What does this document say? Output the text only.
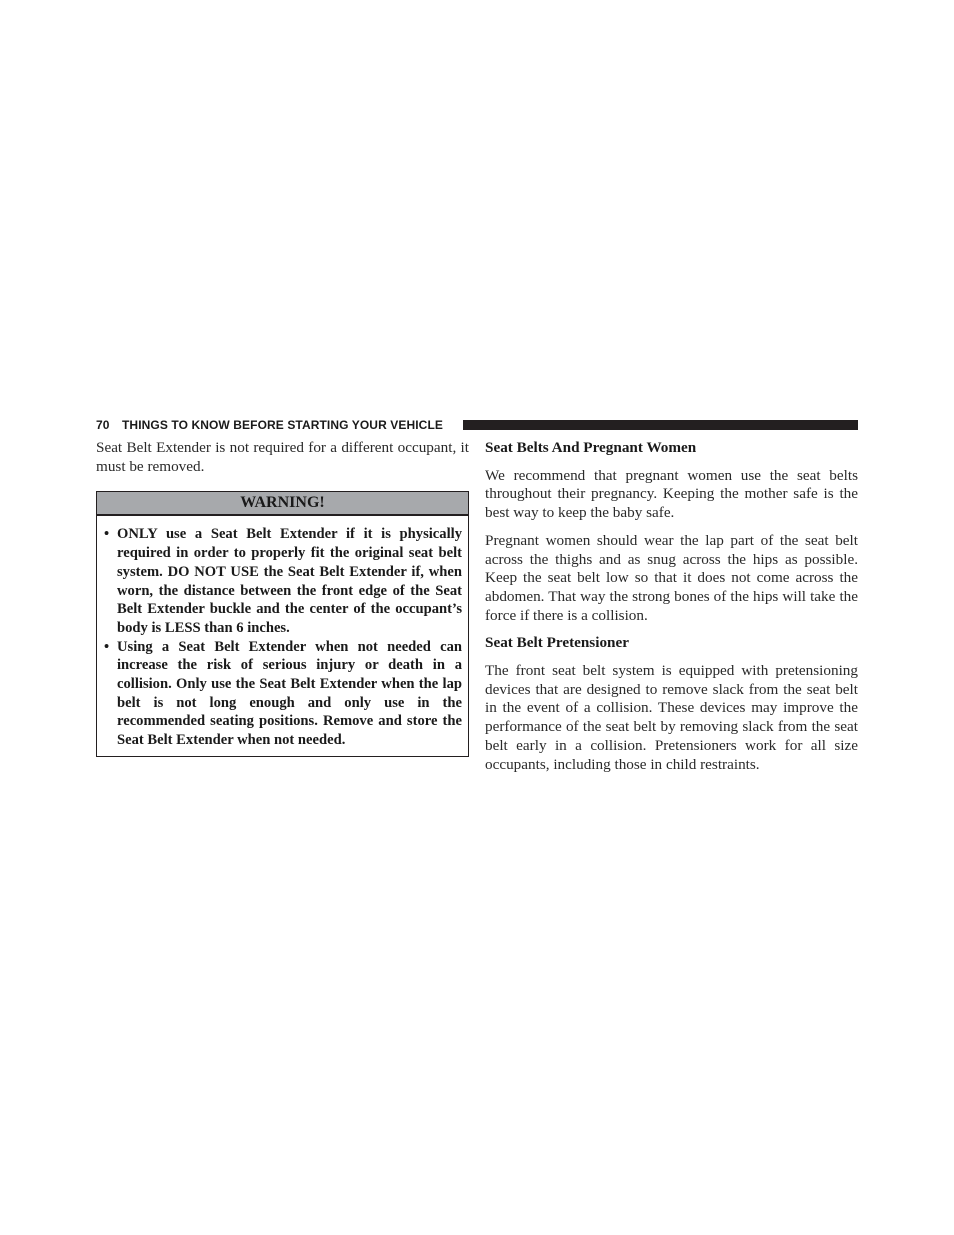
70 THINGS TO KNOW BEFORE STARTING YOUR VEHICLE

Seat Belt Extender is not required for a different occupant, it must be removed.

WARNING!
• ONLY use a Seat Belt Extender if it is physically required in order to properly fit the original seat belt system. DO NOT USE the Seat Belt Extender if, when worn, the distance between the front edge of the Seat Belt Extender buckle and the center of the occupant’s body is LESS than 6 inches.
• Using a Seat Belt Extender when not needed can increase the risk of serious injury or death in a collision. Only use the Seat Belt Extender when the lap belt is not long enough and only use in the recommended seating positions. Remove and store the Seat Belt Extender when not needed.
Seat Belts And Pregnant Women

We recommend that pregnant women use the seat belts throughout their pregnancy. Keeping the mother safe is the best way to keep the baby safe.

Pregnant women should wear the lap part of the seat belt across the thighs and as snug across the hips as possible. Keep the seat belt low so that it does not come across the abdomen. That way the strong bones of the hips will take the force if there is a collision.

Seat Belt Pretensioner

The front seat belt system is equipped with pretensioning devices that are designed to remove slack from the seat belt in the event of a collision. These devices may improve the performance of the seat belt by removing slack from the seat belt early in a collision. Pretensioners work for all size occupants, including those in child restraints.
